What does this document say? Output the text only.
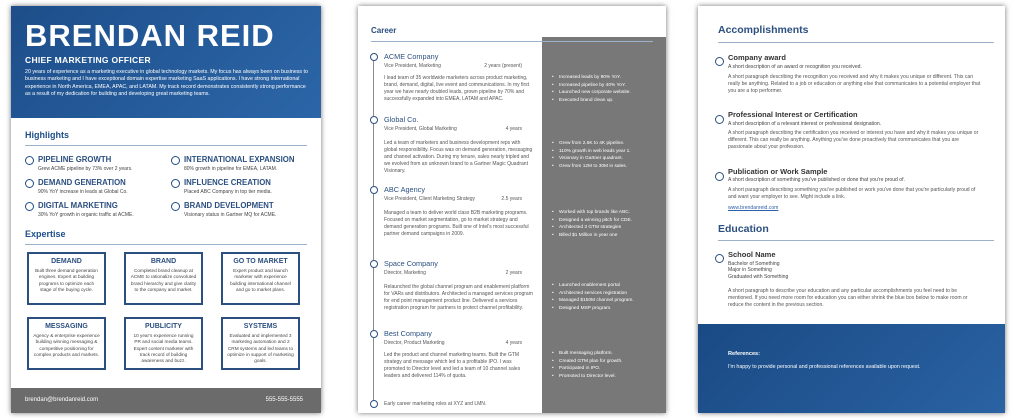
BRENDAN REID
CHIEF MARKETING OFFICER
20 years of experience as a marketing executive in global technology markets. My focus has always been on business to business marketing and I have exceptional domain expertise marketing SaaS applications. I have strong international experience in North America, EMEA, APAC, and LATAM. My track record demonstrates consistently strong performance as a result of my dedication for building and developing great marketing teams.
Highlights
PIPELINE GROWTH
Grew ACME pipeline by 73% over 2 years.
INTERNATIONAL EXPANSION
80% growth in pipeline for EMEA, LATAM.
DEMAND GENERATION
90% YoY increase in leads at Global Co.
INFLUENCE CREATION
Placed ABC Company in top tier media.
DIGITAL MARKETING
30% YoY growth in organic traffic at ACME.
BRAND DEVELOPMENT
Visionary status in Gartner MQ for ACME.
Expertise
DEMAND
Built three demand generation engines. Expert at building programs to optimize each stage of the buying cycle.
BRAND
Completed brand cleanup at ACME to rationalize convoluted brand hierarchy and give clarity to the company and market.
GO TO MARKET
Expert product and launch marketer with experience building international channel and go to market plans.
MESSAGING
Agency & enterprise experience building winning messaging & competitive positioning for complex products and markets.
PUBLICITY
10 year's experience running PR and social media teams. Expert content marketer with track record of building awareness and buzz.
SYSTEMS
Evaluated and implemented 3 marketing automation and 2 CRM systems and led teams to optimize in support of marketing goals.
brendan@brendanreid.com	555-555-5555
Career
ACME Company
Vice President, Marketing	2 years (present)
I lead team of 35 worldwide marketers across product marketing, brand, demand, digital, live event and communications. In my first year we have nearly doubled leads, grown pipeline by 70% and successfully expanded into EMEA, LATAM and APAC.
• Increased leads by 90% YoY.
• Increased pipeline by 40% YoY.
• Launched new corporate website.
• Executed brand clean up.
Global Co.
Vice President, Global Marketing	4 years
Led a team of marketers and business development reps with global responsibility. Focus was on demand generation, messaging and channel activation. During my tenure, sales nearly tripled and we evolved from an unknown brand to a Gartner Magic Quadrant Visionary.
• Grew from 2.5K to 4K pipeline.
• 110% growth in web leads year 1.
• Visionary in Gartner quadrant.
• Grew from 12M to 30M in sales.
ABC Agency
Vice President, Client Marketing Strategy	2.5 years
Managed a team to deliver world class B2B marketing programs. Focused on market segmentation, go to market strategy and demand generation programs. Built one of Intel's most successful partner demand campaigns in 2009.
• Worked with top brands like ABC.
• Designed a winning pitch for CDE.
• Architected 3 GTM strategies
• Billed $1 Million in year one
Space Company
Director, Marketing	2 years
Relaunched the global channel program and enablement platform for VARs and distributors. Architected a managed services program for end point management product line. Delivered a services registration program for partners to protect channel profitability.
• Launched enablement portal
• Architected services registration
• Managed $150M channel program.
• Designed MSP program.
Best Company
Director, Product Marketing	4 years
Led the product and channel marketing teams. Built the GTM strategy and message which led to a profitable IPO. I was promoted to Director level and led a team of 10 channel sales leaders and delivered 114% of quota.
• Built messaging platform.
• Created GTM plan for growth.
• Participated in IPO.
• Promoted to Director level.
Early career marketing roles at XYZ and LMN.
Accomplishments
Company award
A short description of an award or recognition you received.
A short paragraph describing the recognition you received and why it makes you unique or different. This can really be anything. Related to a job or education or anything else that communicates to a potential employer that you are a top performer.
Professional Interest or Certification
A short description of a relevant interest or professional designation.
A short paragraph describing the certification you received or interest you have and why it makes you unique or different. This can really be anything. Anything you've done proactively that communicates that you are passionate about your profession.
Publication or Work Sample
A short description of something you've published or done that you're proud of.
A short paragraph describing something you've published or work you've done that you're particularly proud of and want your employer to see. Might include a link.
www.brendanreid.com
Education
School Name
Bachelor of Something
Major in Something
Graduated with Something
A short paragraph to describe your education and any particular accomplishments you feel need to be mentioned. If you need more room for education you can either shrink the blue box below to make room or reduce the content in the previous section.
References:
I'm happy to provide personal and professional references available upon request.
